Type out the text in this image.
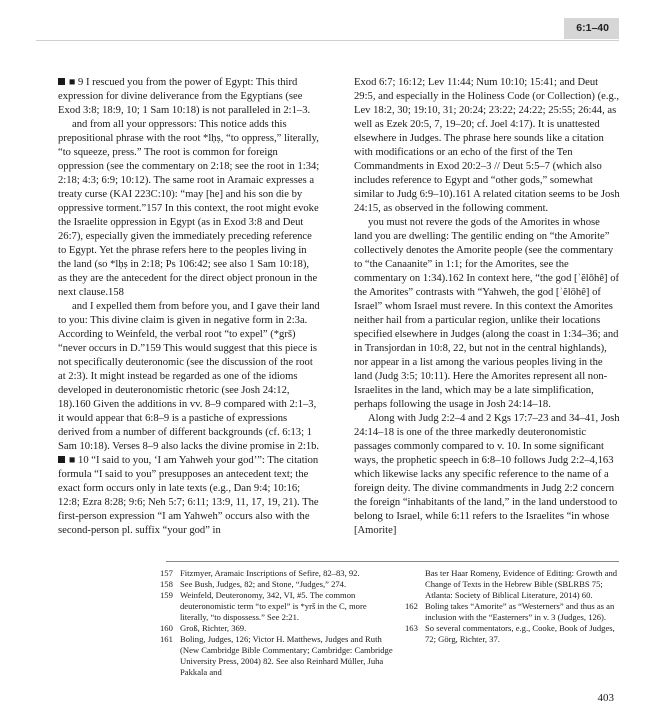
6:1–40

■ 9 I rescued you from the power of Egypt: This third expression for divine deliverance from the Egyptians (see Exod 3:8; 18:9, 10; 1 Sam 10:18) is not paralleled in 2:1–3.

and from all your oppressors: This notice adds this prepositional phrase with the root *lḥṣ, “to oppress,” literally, “to squeeze, press.” The root is common for foreign oppression (see the commentary on 2:18; see the root in 1:34; 2:18; 4:3; 6:9; 10:12). The same root in Aramaic expresses a treaty curse (KAI 223C:10): “may [he] and his son die by oppressive torment.”157 In this context, the root might evoke the Israelite oppression in Egypt (as in Exod 3:8 and Deut 26:7), especially given the immediately preceding reference to Egypt. Yet the phrase refers here to the peoples living in the land (so *lḥṣ in 2:18; Ps 106:42; see also 1 Sam 10:18), as they are the antecedent for the direct object pronoun in the next clause.158

and I expelled them from before you, and I gave their land to you: This divine claim is given in negative form in 2:3a. According to Weinfeld, the verbal root “to expel” (*grš) “never occurs in D.”159 This would suggest that this piece is not specifically deuteronomic (see the discussion of the root at 2:3). It might instead be regarded as one of the idioms developed in deuteronomistic rhetoric (see Josh 24:12, 18).160 Given the additions in vv. 8–9 compared with 2:1–3, it would appear that 6:8–9 is a pastiche of expressions derived from a number of different backgrounds (cf. 6:13; 1 Sam 10:18). Verses 8–9 also lacks the divine promise in 2:1b.

■ 10 “I said to you, ‘I am Yahweh your god’”: The citation formula “I said to you” presupposes an antecedent text; the exact form occurs only in late texts (e.g., Dan 9:4; 10:16; 12:8; Ezra 8:28; 9:6; Neh 5:7; 6:11; 13:9, 11, 17, 19, 21). The first-person expression “I am Yahweh” occurs also with the second-person pl. suffix “your god” in

Exod 6:7; 16:12; Lev 11:44; Num 10:10; 15:41; and Deut 29:5, and especially in the Holiness Code (or Collection) (e.g., Lev 18:2, 30; 19:10, 31; 20:24; 23:22; 24:22; 25:55; 26:44, as well as Ezek 20:5, 7, 19–20; cf. Joel 4:17). It is unattested elsewhere in Judges. The phrase here sounds like a citation with modifications or an echo of the first of the Ten Commandments in Exod 20:2–3 // Deut 5:5–7 (which also includes reference to Egypt and “other gods,” somewhat similar to Judg 6:9–10).161 A related citation seems to be Josh 24:15, as observed in the following comment.

you must not revere the gods of the Amorites in whose land you are dwelling: The gentilic ending on “the Amorite” collectively denotes the Amorite people (see the commentary to “the Canaanite” in 1:1; for the Amorites, see the commentary on 1:34).162 In context here, “the god [ʾĕlōhê] of the Amorites” contrasts with “Yahweh, the god [ʾĕlōhê] of Israel” whom Israel must revere. In this context the Amorites neither hail from a particular region, unlike their locations specified elsewhere in Judges (along the coast in 1:34–36; and in Transjordan in 10:8, 22, but not in the central highlands), nor appear in a list among the various peoples living in the land (Judg 3:5; 10:11). Here the Amorites represent all non-Israelites in the land, which may be a late simplification, perhaps following the usage in Josh 24:14–18.

Along with Judg 2:2–4 and 2 Kgs 17:7–23 and 34–41, Josh 24:14–18 is one of the three markedly deuteronomistic passages commonly compared to v. 10. In some significant ways, the prophetic speech in 6:8–10 follows Judg 2:2–4,163 which likewise lacks any specific reference to the name of a foreign deity. The divine commandments in Judg 2:2 concern the foreign “inhabitants of the land,” in the land understood to belong to Israel, while 6:11 refers to the Israelites “in whose [Amorite]

157 Fitzmyer, Aramaic Inscriptions of Sefire, 82–83, 92.
158 See Bush, Judges, 82; and Stone, “Judges,” 274.
159 Weinfeld, Deuteronomy, 342, VI, #5. The common deuteronomistic term “to expel” is *yrš in the C, more literally, “to dispossess.” See 2:21.
160 Groß, Richter, 369.
161 Boling, Judges, 126; Victor H. Matthews, Judges and Ruth (New Cambridge Bible Commentary; Cambridge: Cambridge University Press, 2004) 82. See also Reinhard Müller, Juha Pakkala and
Bas ter Haar Romeny, Evidence of Editing: Growth and Change of Texts in the Hebrew Bible (SBLRBS 75; Atlanta: Society of Biblical Literature, 2014) 60.
162 Boling takes “Amorite” as “Westerners” and thus as an inclusion with the “Easterners” in v. 3 (Judges, 126).
163 So several commentators, e.g., Cooke, Book of Judges, 72; Görg, Richter, 37.
403
